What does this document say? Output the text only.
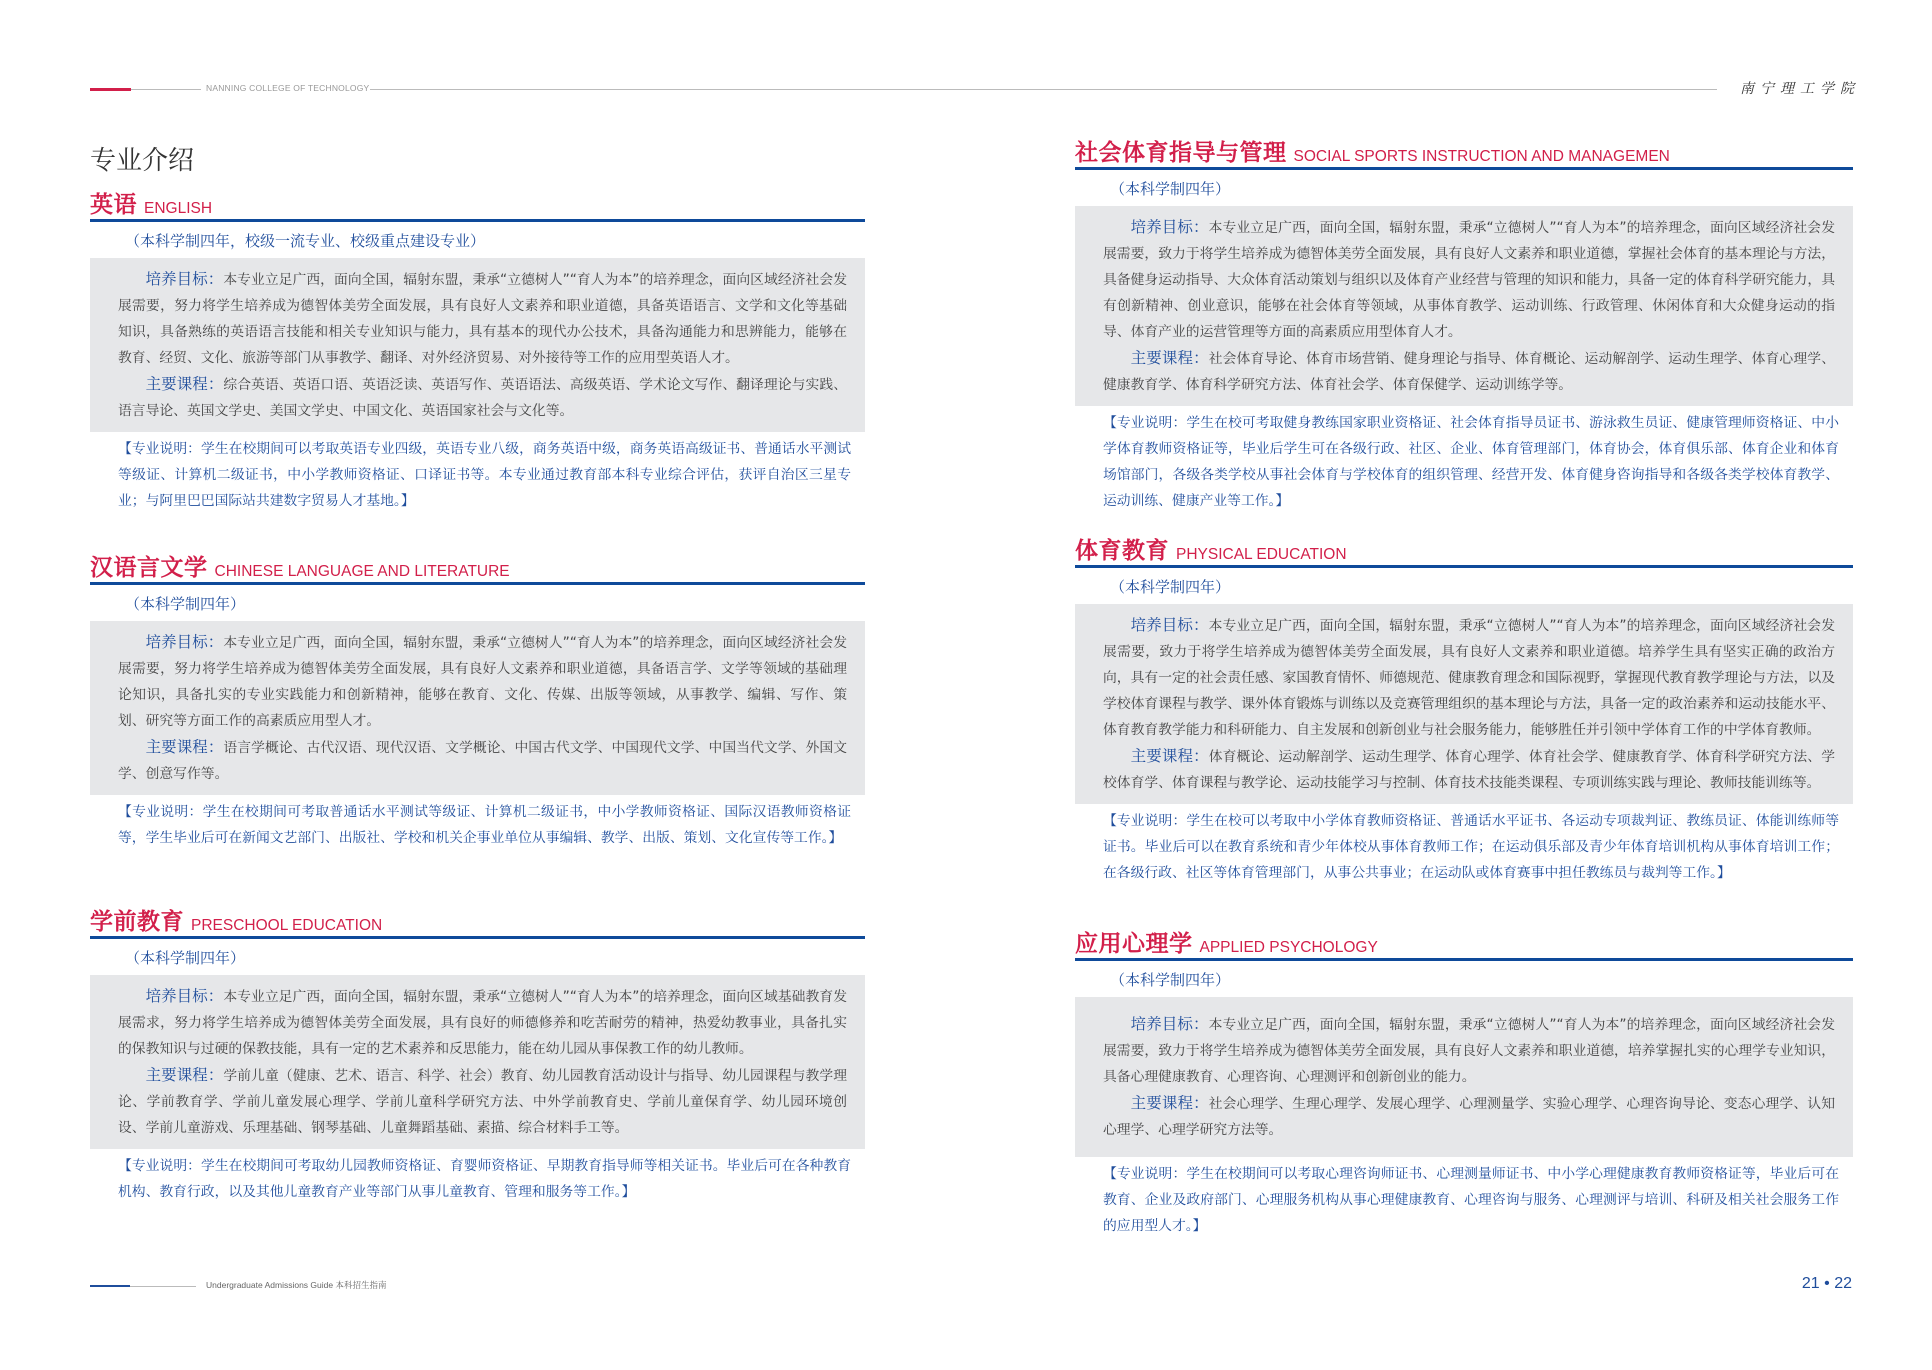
NANNING COLLEGE OF TECHNOLOGY	南宁理工学院
专业介绍
英语 ENGLISH
（本科学制四年，校级一流专业、校级重点建设专业）

培养目标：本专业立足广西，面向全国，辐射东盟，秉承“立德树人”“育人为本”的培养理念，面向区域经济社会发展需要，努力将学生培养成为德智体美劳全面发展，具有良好人文素养和职业道德，具备英语语言、文学和文化等基础知识，具备熟练的英语语言技能和相关专业知识与能力，具有基本的现代办公技术，具备沟通能力和思辨能力，能够在教育、经贸、文化、旅游等部门从事教学、翻译、对外经济贸易、对外接待等工作的应用型英语人才。

主要课程：综合英语、英语口语、英语泛读、英语写作、英语语法、高级英语、学术论文写作、翻译理论与实践、语言导论、英国文学史、美国文学史、中国文化、英语国家社会与文化等。

【专业说明：学生在校期间可以考取英语专业四级，英语专业八级，商务英语中级，商务英语高级证书、普通话水平测试等级证、计算机二级证书，中小学教师资格证、口译证书等。本专业通过教育部本科专业综合评估，获评自治区三星专业；与阿里巴巴国际站共建数字贸易人才基地。】
汉语言文学 CHINESE LANGUAGE AND LITERATURE
（本科学制四年）

培养目标：本专业立足广西，面向全国，辐射东盟，秉承“立德树人”“育人为本”的培养理念，面向区域经济社会发展需要，努力将学生培养成为德智体美劳全面发展，具有良好人文素养和职业道德，具备语言学、文学等领域的基础理论知识，具备扎实的专业实践能力和创新精神，能够在教育、文化、传媒、出版等领域，从事教学、编辑、写作、策划、研究等方面工作的高素质应用型人才。

主要课程：语言学概论、古代汉语、现代汉语、文学概论、中国古代文学、中国现代文学、中国当代文学、外国文学、创意写作等。

【专业说明：学生在校期间可考取普通话水平测试等级证、计算机二级证书，中小学教师资格证、国际汉语教师资格证等，学生毕业后可在新闻文艺部门、出版社、学校和机关企事业单位从事编辑、教学、出版、策划、文化宣传等工作。】
学前教育 PRESCHOOL EDUCATION
（本科学制四年）

培养目标：本专业立足广西，面向全国，辐射东盟，秉承“立德树人”“育人为本”的培养理念，面向区域基础教育发展需求，努力将学生培养成为德智体美劳全面发展，具有良好的师德修养和吃苦耐劳的精神，热爱幼教事业，具备扎实的保教知识与过硬的保教技能，具有一定的艺术素养和反思能力，能在幼儿园从事保教工作的幼儿教师。

主要课程：学前儿童（健康、艺术、语言、科学、社会）教育、幼儿园教育活动设计与指导、幼儿园课程与教学理论、学前教育学、学前儿童发展心理学、学前儿童科学研究方法、中外学前教育史、学前儿童保育学、幼儿园环境创设、学前儿童游戏、乐理基础、钢琴基础、儿童舞蹈基础、素描、综合材料手工等。

【专业说明：学生在校期间可考取幼儿园教师资格证、育婴师资格证、早期教育指导师等相关证书。毕业后可在各种教育机构、教育行政，以及其他儿童教育产业等部门从事儿童教育、管理和服务等工作。】
社会体育指导与管理 SOCIAL SPORTS INSTRUCTION AND MANAGEMEN
（本科学制四年）

培养目标：本专业立足广西，面向全国，辐射东盟，秉承“立德树人”“育人为本”的培养理念，面向区域经济社会发展需要，致力于将学生培养成为德智体美劳全面发展，具有良好人文素养和职业道德，掌握社会体育的基本理论与方法，具备健身运动指导、大众体育活动策划与组织以及体育产业经营与管理的知识和能力，具备一定的体育科学研究能力，具有创新精神、创业意识，能够在社会体育等领域，从事体育教学、运动训练、行政管理、休闲体育和大众健身运动的指导、体育产业的运营管理等方面的高素质应用型体育人才。

主要课程：社会体育导论、体育市场营销、健身理论与指导、体育概论、运动解剖学、运动生理学、体育心理学、健康教育学、体育科学研究方法、体育社会学、体育保健学、运动训练学等。

【专业说明：学生在校可考取健身教练国家职业资格证、社会体育指导员证书、游泳救生员证、健康管理师资格证、中小学体育教师资格证等，毕业后学生可在各级行政、社区、企业、体育管理部门，体育协会，体育俱乐部、体育企业和体育场馆部门，各级各类学校从事社会体育与学校体育的组织管理、经营开发、体育健身咨询指导和各级各类学校体育教学、运动训练、健康产业等工作。】
体育教育 PHYSICAL EDUCATION
（本科学制四年）

培养目标：本专业立足广西，面向全国，辐射东盟，秉承“立德树人”“育人为本”的培养理念，面向区域经济社会发展需要，致力于将学生培养成为德智体美劳全面发展，具有良好人文素养和职业道德。培养学生具有坚实正确的政治方向，具有一定的社会责任感、家国教育情怀、师德规范、健康教育理念和国际视野，掌握现代教育教学理论与方法，以及学校体育课程与教学、课外体育锻炼与训练以及竞赛管理组织的基本理论与方法，具备一定的政治素养和运动技能水平、体育教育教学能力和科研能力、自主发展和创新创业与社会服务能力，能够胜任并引领中学体育工作的中学体育教师。

主要课程：体育概论、运动解剖学、运动生理学、体育心理学、体育社会学、健康教育学、体育科学研究方法、学校体育学、体育课程与教学论、运动技能学习与控制、体育技术技能类课程、专项训练实践与理论、教师技能训练等。

【专业说明：学生在校可以考取中小学体育教师资格证、普通话水平证书、各运动专项裁判证、教练员证、体能训练师等证书。毕业后可以在教育系统和青少年体校从事体育教师工作；在运动俱乐部及青少年体育培训机构从事体育培训工作；在各级行政、社区等体育管理部门，从事公共事业；在运动队或体育赛事中担任教练员与裁判等工作。】
应用心理学 APPLIED PSYCHOLOGY
（本科学制四年）

培养目标：本专业立足广西，面向全国，辐射东盟，秉承“立德树人”“育人为本”的培养理念，面向区域经济社会发展需要，致力于将学生培养成为德智体美劳全面发展，具有良好人文素养和职业道德，培养掌握扎实的心理学专业知识，具备心理健康教育、心理咨询、心理测评和创新创业的能力。

主要课程：社会心理学、生理心理学、发展心理学、心理测量学、实验心理学、心理咨询导论、变态心理学、认知心理学、心理学研究方法等。

【专业说明：学生在校期间可以考取心理咨询师证书、心理测量师证书、中小学心理健康教育教师资格证等，毕业后可在教育、企业及政府部门、心理服务机构从事心理健康教育、心理咨询与服务、心理测评与培训、科研及相关社会服务工作的应用型人才。】
Undergraduate Admissions Guide 本科招生指南	21 • 22
